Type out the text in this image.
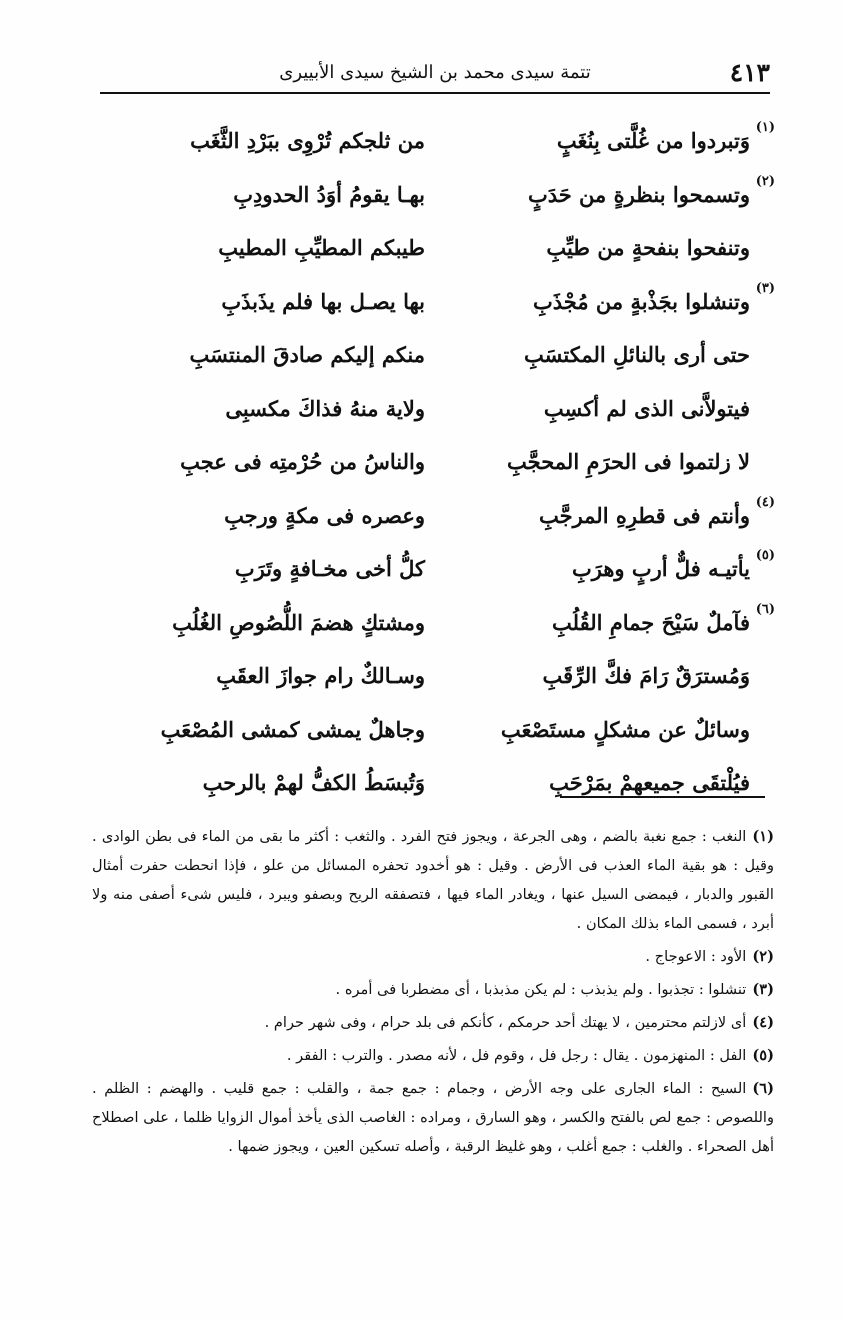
٤١٣
تتمة سيدى محمد بن الشيخ سيدى الأبييرى
(١)
وَتبردوا من غُلَّتى بِنُغَبٍ
من ثلجكم تُرْوِى ببَرْدِ الثَّغَب
(٢)
وتسمحوا بنظرةٍ من حَدَبٍ
بهـا يقومُ أوَدُ الحدودِبِ
وتنفحوا بنفحةٍ من طيِّبِ
طيبكم المطيِّبِ المطيبِ
(٣)
وتنشلوا بجَذْبةٍ من مُجْذَبِ
بها يصـل بها فلم يذَبذَبِ
حتى أرى بالنائلِ المكتسَبِ
منكم إليكم صادقَ المنتسَبِ
فيتولاَّنى الذى لم أكسِبِ
ولاية منهُ فذاكَ مكسبِى
لا زلتموا فى الحرَمِ المحجَّبِ
والناسُ من حُرْمتِه فى عجبِ
(٤)
وأنتم فى قطرِهِ المرجَّبِ
وعصره فى مكةٍ ورجبِ
(٥)
يأتيـه فلٌّ أربٍ وهرَبِ
كلُّ أخى مخـافةٍ وتَرَبِ
(٦)
فآملٌ سَيْحَ جمامِ القُلُبِ
ومشتكٍ هضمَ اللُّصُوصِ الغُلُبِ
وَمُسترَقٌ رَامَ فكَّ الرِّقَبِ
وسـالكٌ رام جوازَ العقَبِ
وسائلٌ عن مشكلٍ مستَصْعَبِ
وجاهلٌ يمشى كمشى المُصْعَبِ
فيُلْتقَى جميعهمْ بمَرْحَبِ
وَتُبسَطُ الكفُّ لهمْ بالرحبِ

(١)النغب : جمع نغبة بالضم ، وهى الجرعة ، ويجوز فتح الفرد . والثغب : أكثر ما بقى من الماء فى بطن الوادى . وقيل : هو بقية الماء العذب فى الأرض . وقيل : هو أخدود تحفره المسائل من علو ، فإذا انحطت حفرت أمثال القبور والدبار ، فيمضى السيل عنها ، ويغادر الماء فيها ، فتصفقه الريح وبصفو ويبرد ، فليس شىء أصفى منه ولا أبرد ، فسمى الماء بذلك المكان .

(٢)الأود : الاعوجاج .

(٣)تنشلوا : تجذبوا . ولم يذبذب : لم يكن مذبذبا ، أى مضطربا فى أمره .

(٤)أى لازلتم محترمين ، لا يهتك أحد حرمكم ، كأنكم فى بلد حرام ، وفى شهر حرام .

(٥)الفل : المنهزمون . يقال : رجل فل ، وقوم فل ، لأنه مصدر . والترب : الفقر .

(٦)السيح : الماء الجارى على وجه الأرض ، وجمام : جمع جمة ، والقلب : جمع قليب . والهضم : الظلم . واللصوص : جمع لص بالفتح والكسر ، وهو السارق ، ومراده : الغاصب الذى يأخذ أموال الزوايا ظلما ، على اصطلاح أهل الصحراء . والغلب : جمع أغلب ، وهو غليظ الرقبة ، وأصله تسكين العين ، ويجوز ضمها .
